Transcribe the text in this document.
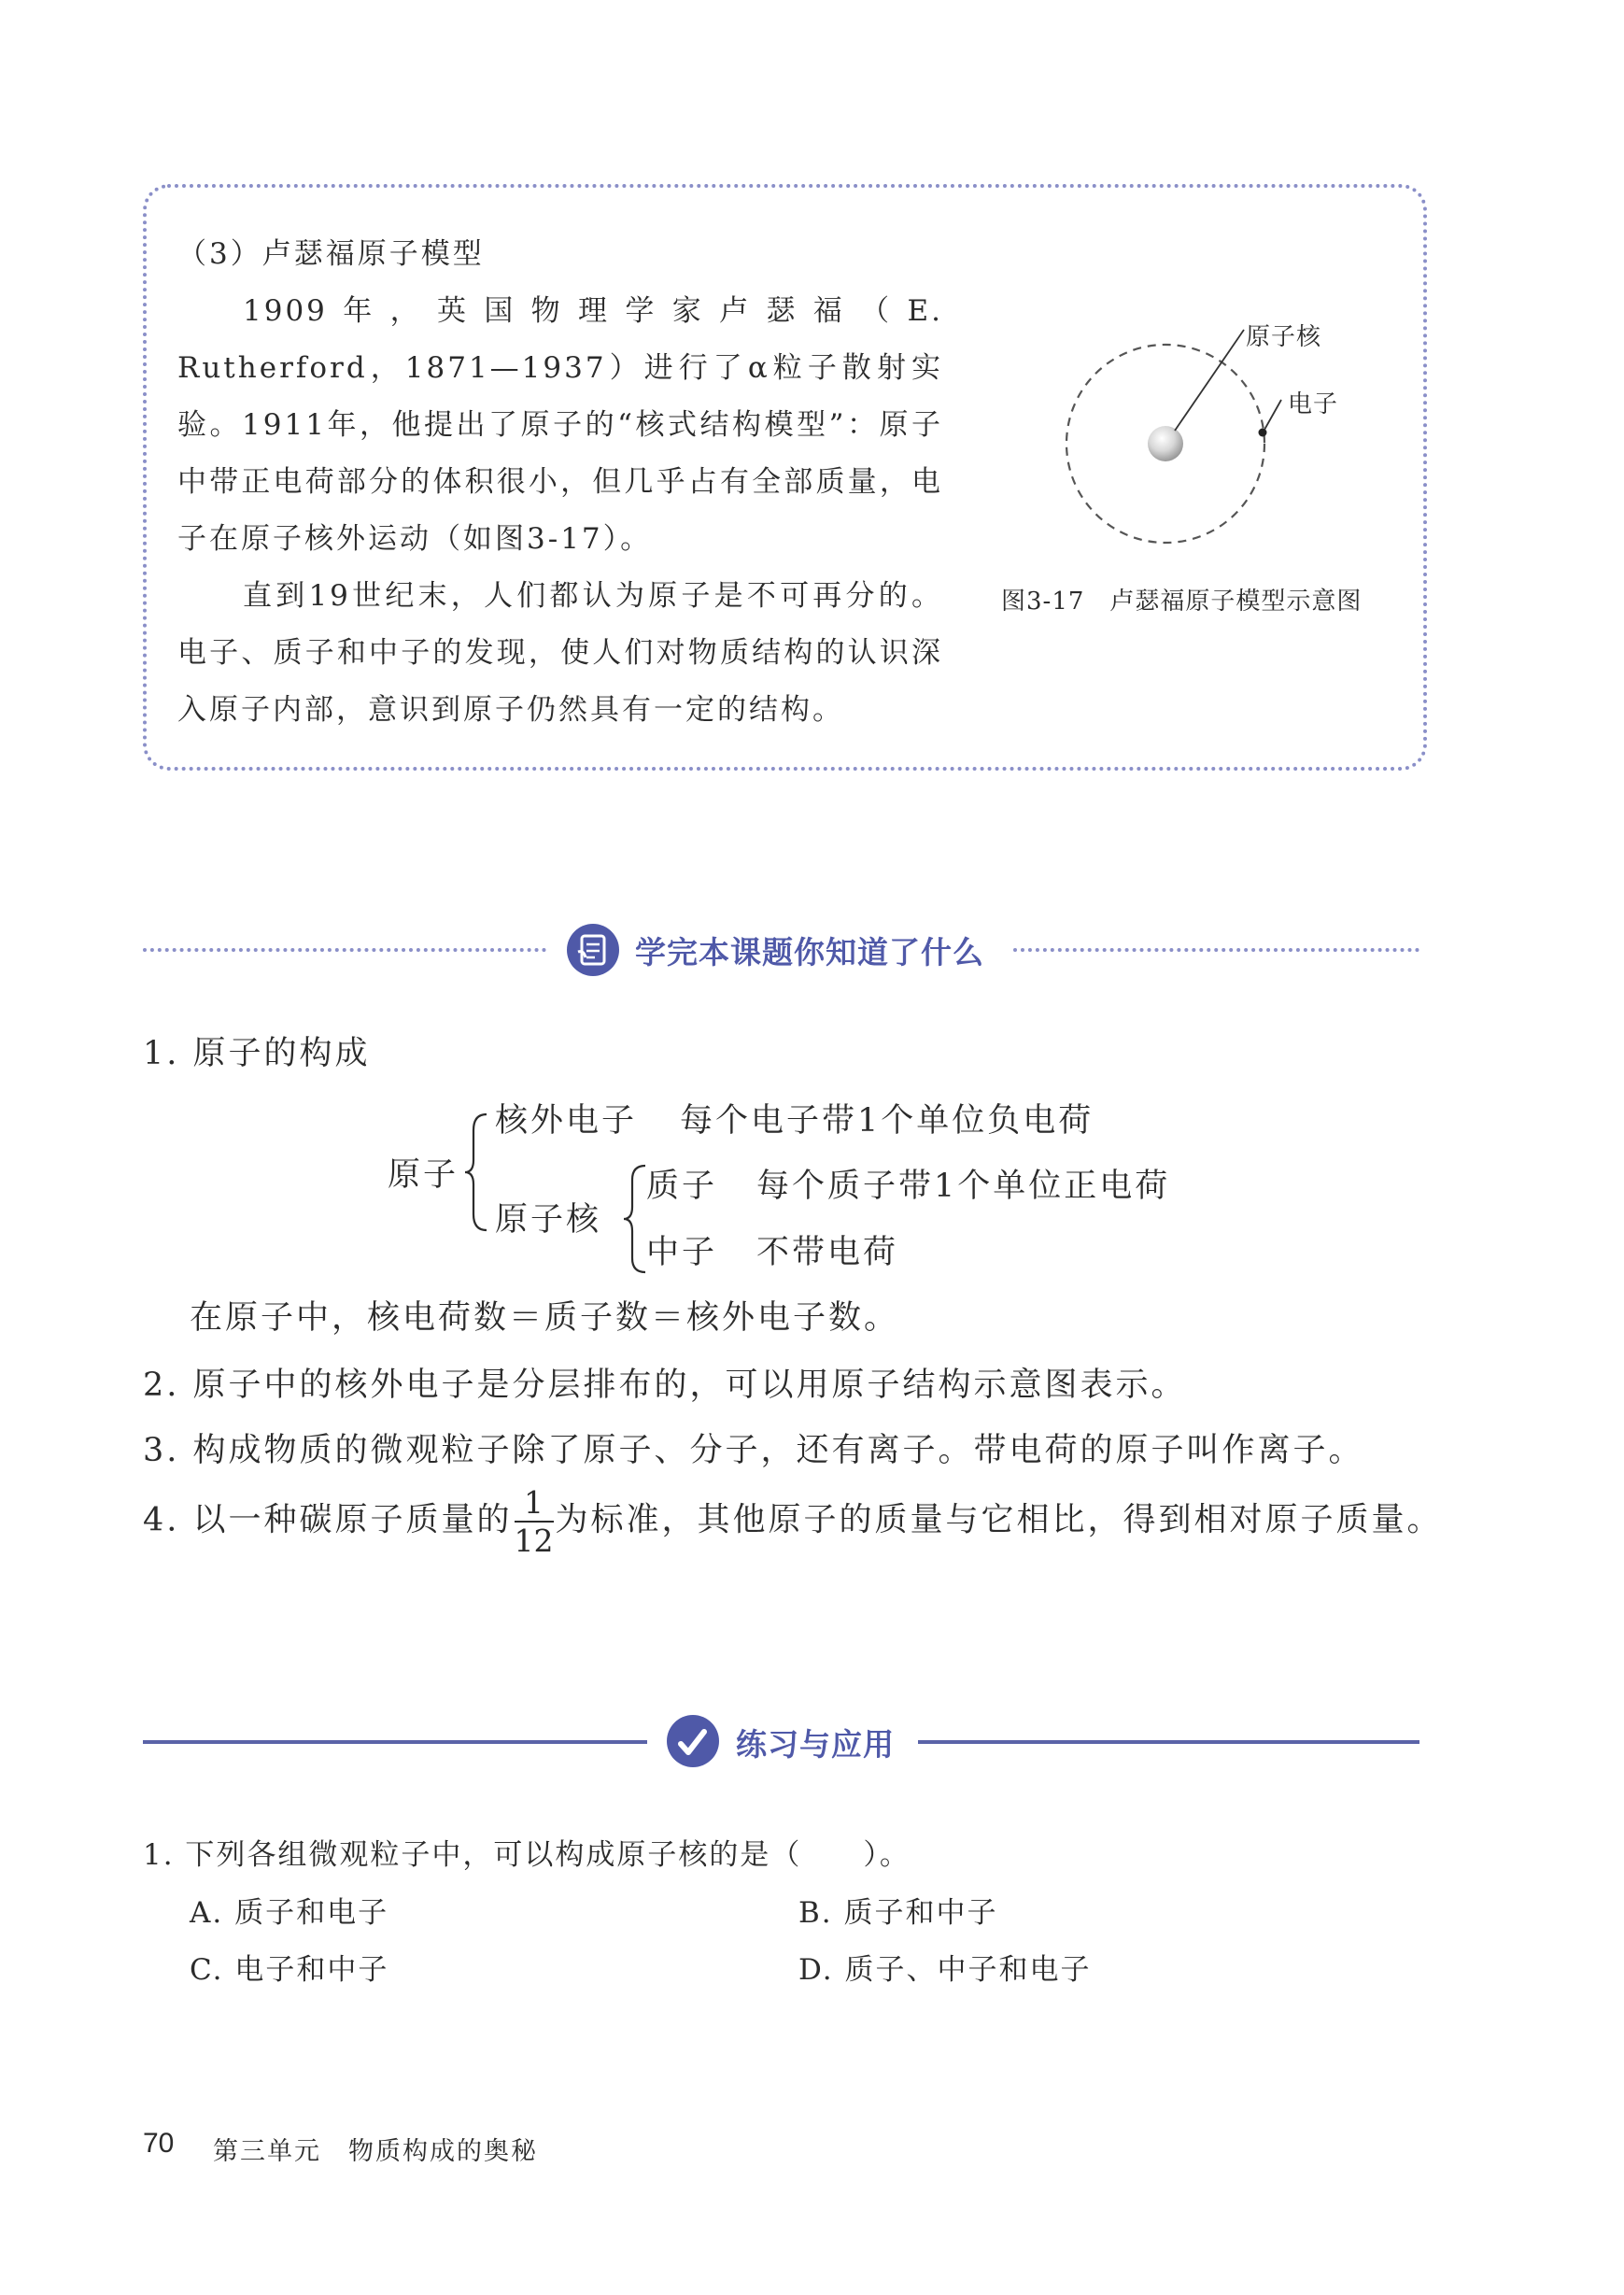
（3）卢瑟福原子模型

1909年，英国物理学家卢瑟福（E. Rutherford，1871—1937）进行了α粒子散射实验。1911年，他提出了原子的“核式结构模型”：原子中带正电荷部分的体积很小，但几乎占有全部质量，电子在原子核外运动（如图3-17）。

直到19世纪末，人们都认为原子是不可再分的。电子、质子和中子的发现，使人们对物质结构的认识深入原子内部，意识到原子仍然具有一定的结构。

原子核
电子
图3-17　卢瑟福原子模型示意图
学完本课题你知道了什么
1. 原子的构成
原子
核外电子 每个电子带1个单位负电荷
原子核
质子 每个质子带1个单位正电荷
中子 不带电荷
在原子中，核电荷数＝质子数＝核外电子数。
2. 原子中的核外电子是分层排布的，可以用原子结构示意图表示。
3. 构成物质的微观粒子除了原子、分子，还有离子。带电荷的原子叫作离子。
4. 以一种碳原子质量的 $\frac{1}{12}$ 为标准，其他原子的质量与它相比，得到相对原子质量。
练习与应用
1. 下列各组微观粒子中，可以构成原子核的是（　　）。
A. 质子和电子	B. 质子和中子
C. 电子和中子	D. 质子、中子和电子
70 第三单元　物质构成的奥秘
